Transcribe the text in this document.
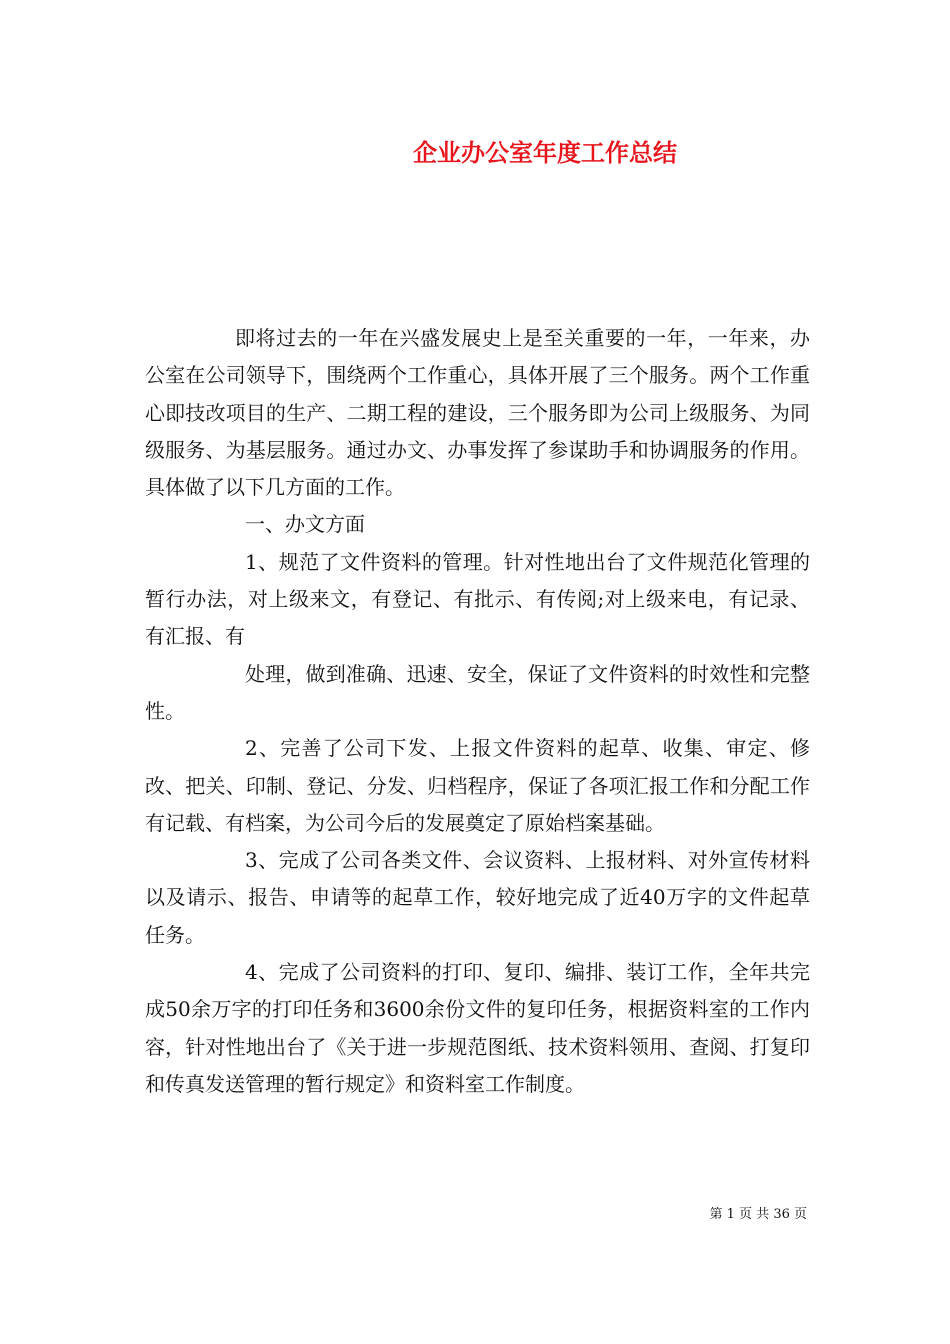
企业办公室年度工作总结

即将过去的一年在兴盛发展史上是至关重要的一年，一年来，办公室在公司领导下，围绕两个工作重心，具体开展了三个服务。两个工作重心即技改项目的生产、二期工程的建设，三个服务即为公司上级服务、为同级服务、为基层服务。通过办文、办事发挥了参谋助手和协调服务的作用。具体做了以下几方面的工作。

一、办文方面

1、规范了文件资料的管理。针对性地出台了文件规范化管理的暂行办法，对上级来文，有登记、有批示、有传阅;对上级来电，有记录、有汇报、有

处理，做到准确、迅速、安全，保证了文件资料的时效性和完整性。

2、完善了公司下发、上报文件资料的起草、收集、审定、修改、把关、印制、登记、分发、归档程序，保证了各项汇报工作和分配工作有记载、有档案，为公司今后的发展奠定了原始档案基础。

3、完成了公司各类文件、会议资料、上报材料、对外宣传材料以及请示、报告、申请等的起草工作，较好地完成了近40万字的文件起草任务。

4、完成了公司资料的打印、复印、编排、装订工作，全年共完成50余万字的打印任务和3600余份文件的复印任务，根据资料室的工作内容，针对性地出台了《关于进一步规范图纸、技术资料领用、查阅、打复印和传真发送管理的暂行规定》和资料室工作制度。

第 1 页 共 36 页
